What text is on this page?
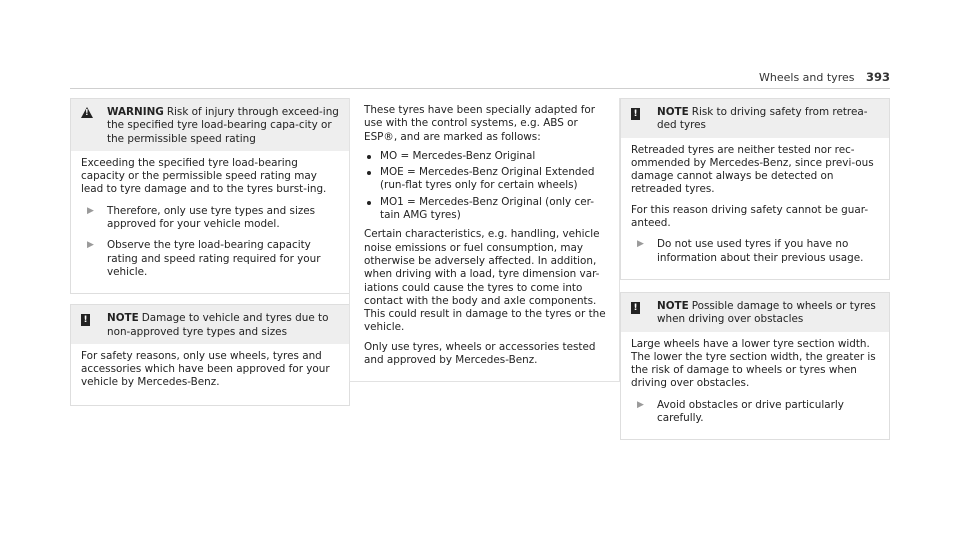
Wheels and tyres 393
!
WARNING Risk of injury through exceed-ing the specified tyre load-bearing capa-city or the permissible speed rating

Exceeding the specified tyre load-bearing capacity or the permissible speed rating may lead to tyre damage and to the tyres burst-ing.

▶	Therefore, only use tyre types and sizes approved for your vehicle model.
▶	Observe the tyre load-bearing capacity rating and speed rating required for your vehicle.
!	NOTE Damage to vehicle and tyres due to non-approved tyre types and sizes

For safety reasons, only use wheels, tyres and accessories which have been approved for your vehicle by Mercedes-Benz.

These tyres have been specially adapted for use with the control systems, e.g. ABS or ESP®, and are marked as follows:

MO = Mercedes-Benz Original
MOE = Mercedes-Benz Original Extended (run-flat tyres only for certain wheels)
MO1 = Mercedes-Benz Original (only cer-tain AMG tyres)

Certain characteristics, e.g. handling, vehicle noise emissions or fuel consumption, may otherwise be adversely affected. In addition, when driving with a load, tyre dimension var-iations could cause the tyres to come into contact with the body and axle components. This could result in damage to the tyres or the vehicle.

Only use tyres, wheels or accessories tested and approved by Mercedes-Benz.

!	NOTE Risk to driving safety from retrea-ded tyres

Retreaded tyres are neither tested nor rec-ommended by Mercedes-Benz, since previ-ous damage cannot always be detected on retreaded tyres.

For this reason driving safety cannot be guar-anteed.

▶	Do not use used tyres if you have no information about their previous usage.
!	NOTE Possible damage to wheels or tyres when driving over obstacles

Large wheels have a lower tyre section width. The lower the tyre section width, the greater is the risk of damage to wheels or tyres when driving over obstacles.

▶	Avoid obstacles or drive particularly carefully.
